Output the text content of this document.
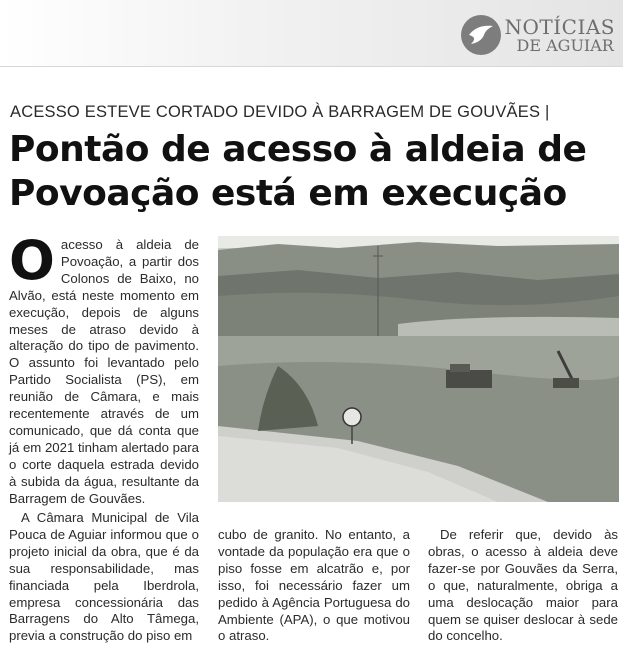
NOTÍCIAS
DE AGUIAR
ACESSO ESTEVE CORTADO DEVIDO À BARRAGEM DE GOUVÃES |
Pontão de acesso à aldeia de Povoação está em execução
O acesso à aldeia de Povoação, a partir dos Colonos de Baixo, no Alvão, está neste momento em execução, depois de alguns meses de atraso devido à alteração do tipo de pavimento. O assunto foi levantado pelo Partido Socialista (PS), em reunião de Câmara, e mais recentemente através de um comunicado, que dá conta que já em 2021 tinham alertado para o corte daquela estrada devido à subida da água, resultante da Barragem de Gouvães.

A Câmara Municipal de Vila Pouca de Aguiar informou que o projeto inicial da obra, que é da sua responsabilidade, mas financiada pela Iberdrola, empresa concessionária das Barragens do Alto Tâmega, previa a construção do piso em

cubo de granito. No entanto, a vontade da população era que o piso fosse em alcatrão e, por isso, foi necessário fazer um pedido à Agência Portuguesa do Ambiente (APA), o que motivou o atraso.

De referir que, devido às obras, o acesso à aldeia deve fazer-se por Gouvães da Serra, o que, naturalmente, obriga a uma deslocação maior para quem se quiser deslocar à sede do concelho.
